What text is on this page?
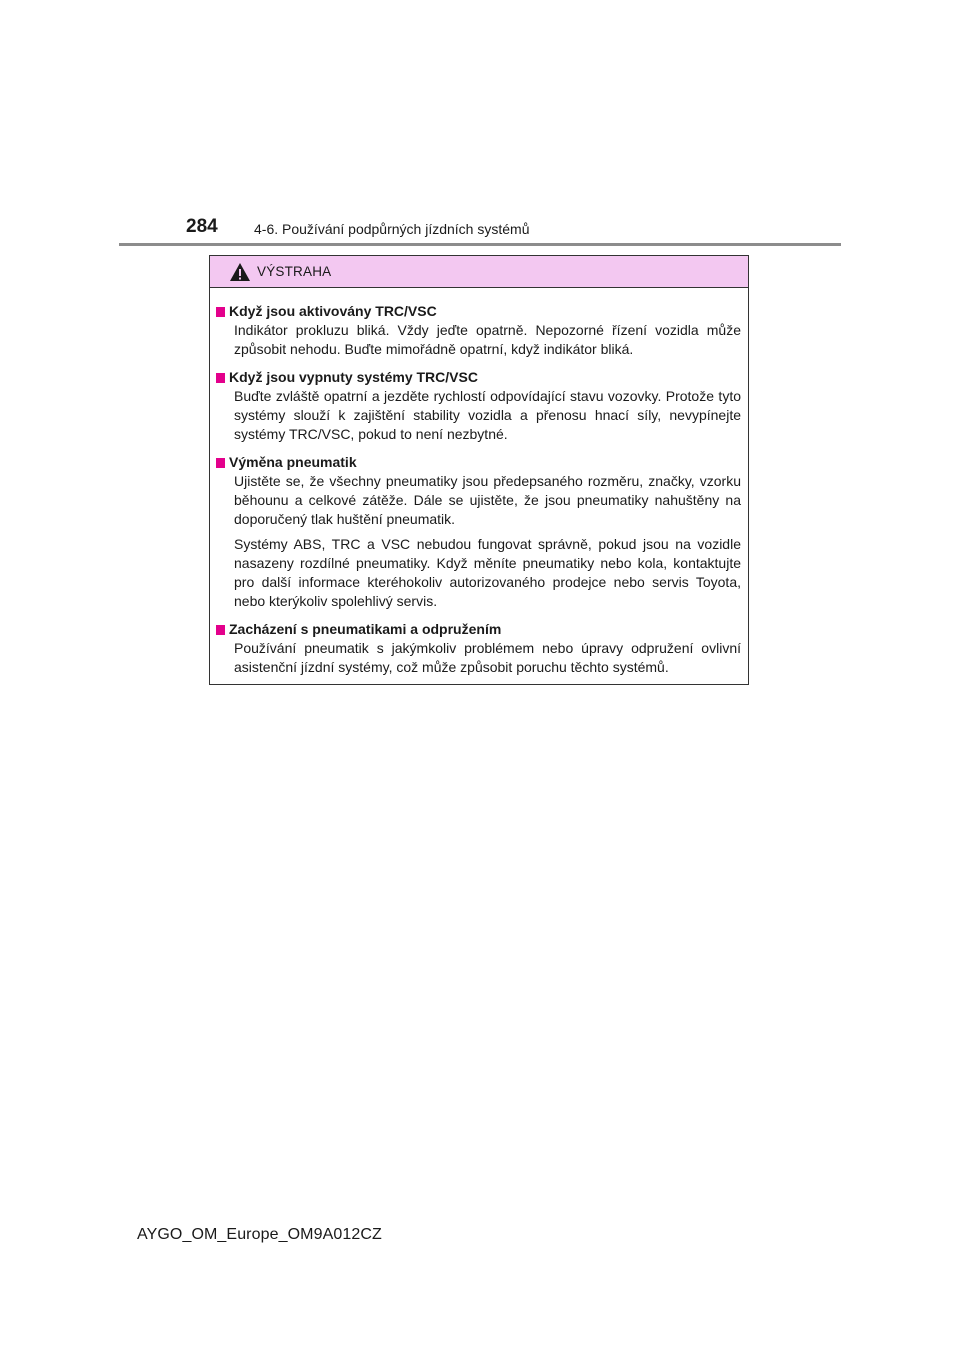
284	4-6. Používání podpůrných jízdních systémů
VÝSTRAHA
Když jsou aktivovány TRC/VSC

Indikátor prokluzu bliká. Vždy jeďte opatrně. Nepozorné řízení vozidla může způsobit nehodu. Buďte mimořádně opatrní, když indikátor bliká.

Když jsou vypnuty systémy TRC/VSC

Buďte zvláště opatrní a jezděte rychlostí odpovídající stavu vozovky. Protože tyto systémy slouží k zajištění stability vozidla a přenosu hnací síly, nevypínejte systémy TRC/VSC, pokud to není nezbytné.

Výměna pneumatik

Ujistěte se, že všechny pneumatiky jsou předepsaného rozměru, značky, vzorku běhounu a celkové zátěže. Dále se ujistěte, že jsou pneumatiky nahuštěny na doporučený tlak huštění pneumatik.

Systémy ABS, TRC a VSC nebudou fungovat správně, pokud jsou na vozidle nasazeny rozdílné pneumatiky. Když měníte pneumatiky nebo kola, kontaktujte pro další informace kteréhokoliv autorizovaného prodejce nebo servis Toyota, nebo kterýkoliv spolehlivý servis.

Zacházení s pneumatikami a odpružením

Používání pneumatik s jakýmkoliv problémem nebo úpravy odpružení ovlivní asistenční jízdní systémy, což může způsobit poruchu těchto systémů.

AYGO_OM_Europe_OM9A012CZ
